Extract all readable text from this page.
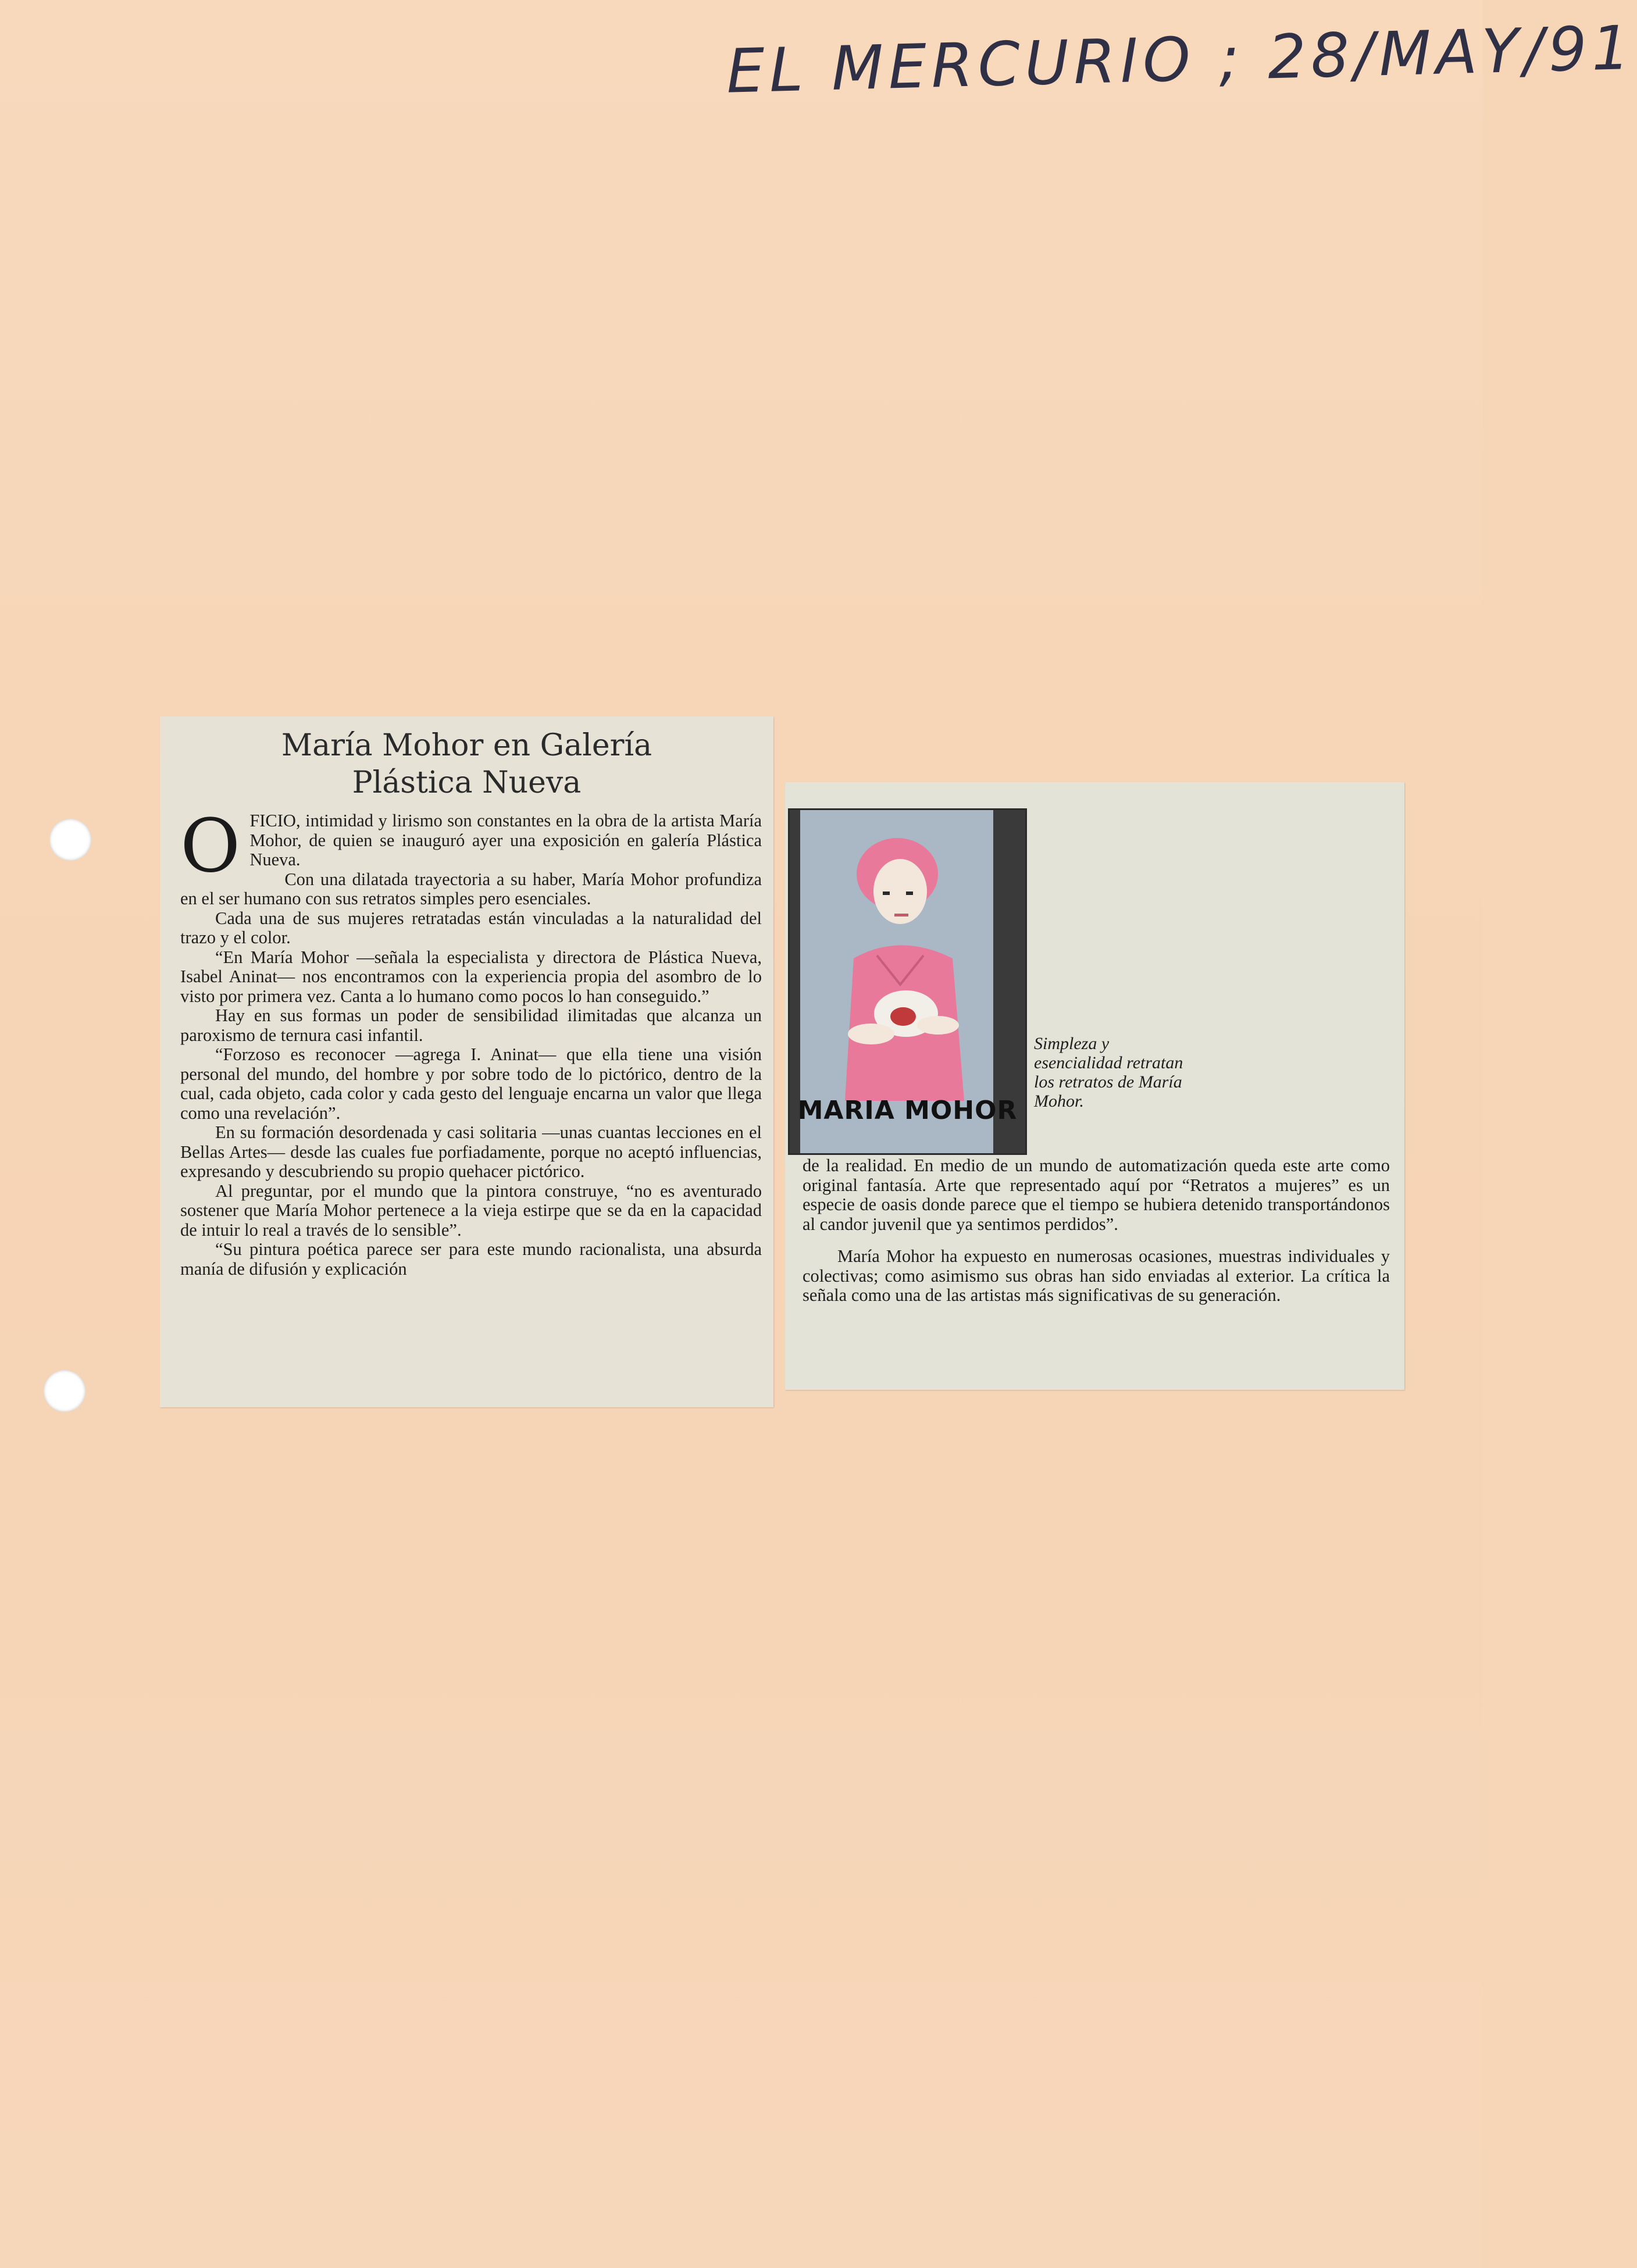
EL MERCURIO ; 28/MAY/91
María Mohor en Galería
Plástica Nueva

OFICIO, intimidad y lirismo son constantes en la obra de la artista María Mohor, de quien se inauguró ayer una exposición en galería Plástica Nueva.

Con una dilatada trayectoria a su haber, María Mohor profundiza en el ser humano con sus retratos simples pero esenciales.

Cada una de sus mujeres retratadas están vinculadas a la naturalidad del trazo y el color.

“En María Mohor —señala la especialista y directora de Plástica Nueva, Isabel Aninat— nos encontramos con la experiencia propia del asombro de lo visto por primera vez. Canta a lo humano como pocos lo han conseguido.”

Hay en sus formas un poder de sensibilidad ilimitadas que alcanza un paroxismo de ternura casi infantil.

“Forzoso es reconocer —agrega I. Aninat— que ella tiene una visión personal del mundo, del hombre y por sobre todo de lo pictórico, dentro de la cual, cada objeto, cada color y cada gesto del lenguaje encarna un valor que llega como una revelación”.

En su formación desordenada y casi solitaria —unas cuantas lecciones en el Bellas Artes— desde las cuales fue porfiadamente, porque no aceptó influencias, expresando y descubriendo su propio quehacer pictórico.

Al preguntar, por el mundo que la pintora construye, “no es aventurado sostener que María Mohor pertenece a la vieja estirpe que se da en la capacidad de intuir lo real a través de lo sensible”.

“Su pintura poética parece ser para este mundo racionalista, una absurda manía de difusión y explicación

MARIA MOHOR
Simpleza y esencialidad retratan los retratos de María Mohor.

de la realidad. En medio de un mundo de automatización queda este arte como original fantasía. Arte que representado aquí por “Retratos a mujeres” es un especie de oasis donde parece que el tiempo se hubiera detenido transportándonos al candor juvenil que ya sentimos perdidos”.

María Mohor ha expuesto en numerosas ocasiones, muestras individuales y colectivas; como asimismo sus obras han sido enviadas al exterior. La crítica la señala como una de las artistas más significativas de su generación.
